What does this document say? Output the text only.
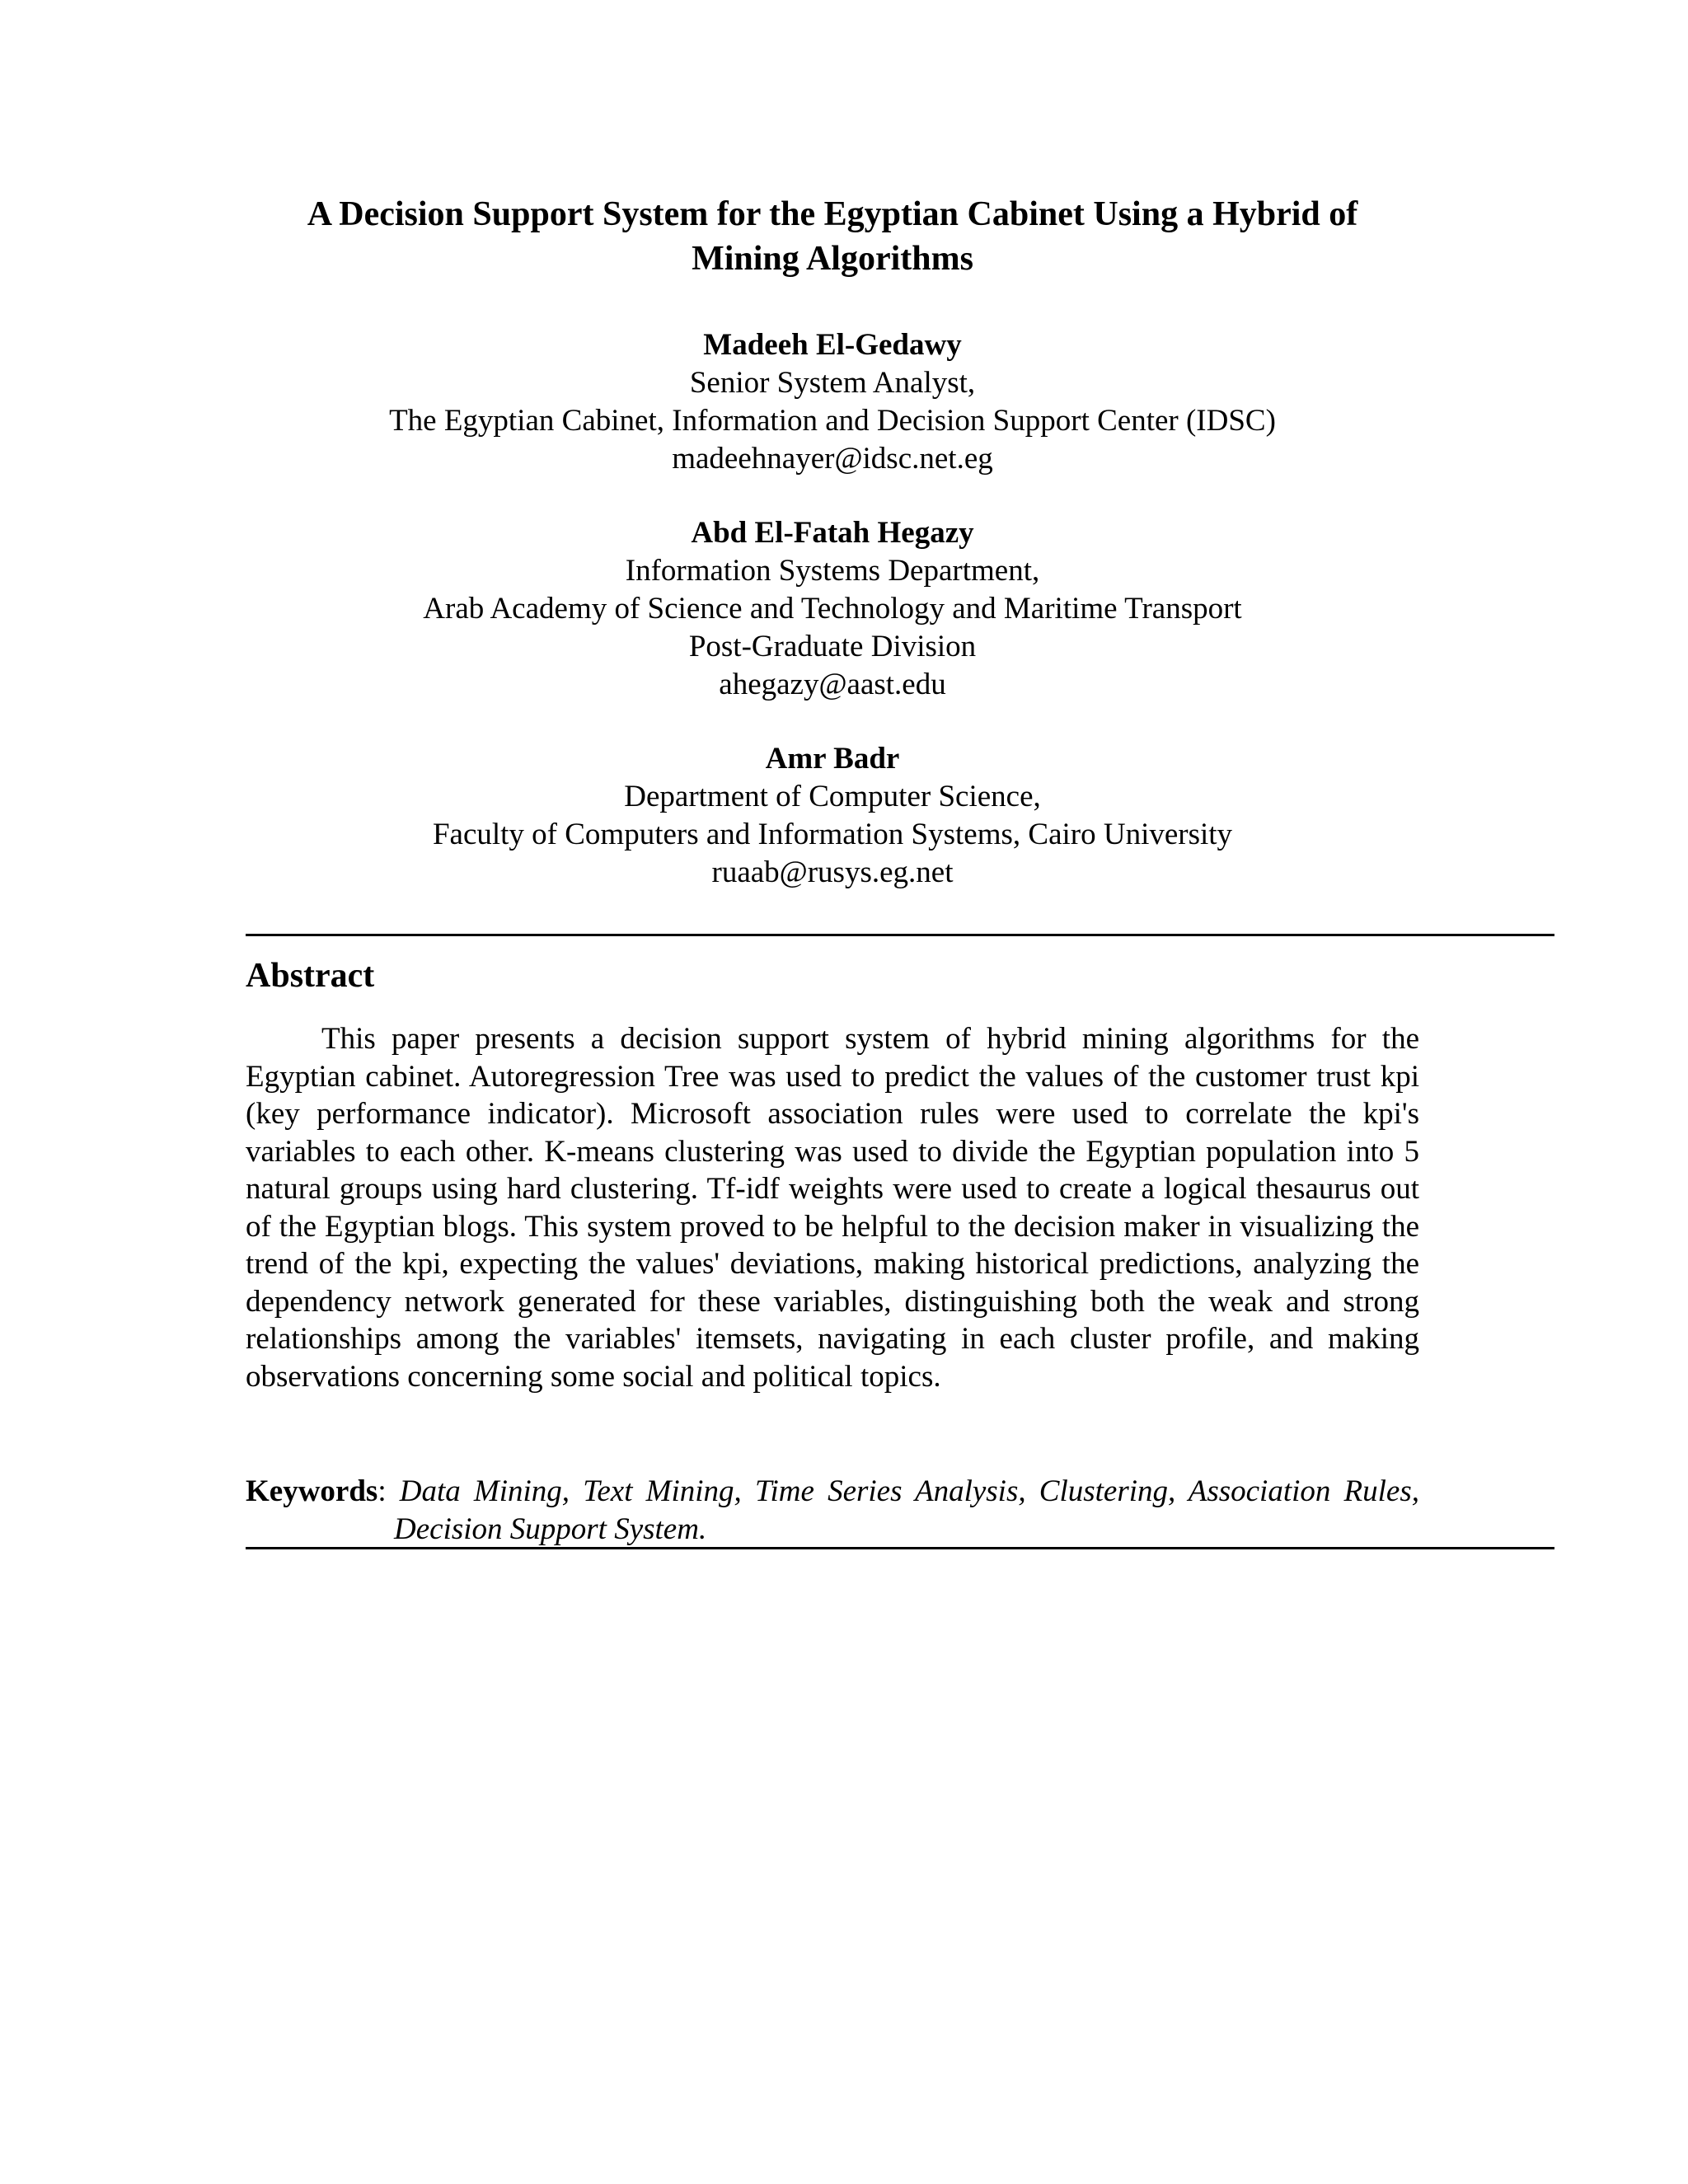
A Decision Support System for the Egyptian Cabinet Using a Hybrid of
Mining Algorithms
Madeeh El-Gedawy
Senior System Analyst,
The Egyptian Cabinet, Information and Decision Support Center (IDSC)
madeehnayer@idsc.net.eg
Abd El-Fatah Hegazy
Information Systems Department,
Arab Academy of Science and Technology and Maritime Transport
Post-Graduate Division
ahegazy@aast.edu
Amr Badr
Department of Computer Science,
Faculty of Computers and Information Systems, Cairo University
ruaab@rusys.eg.net
Abstract

This paper presents a decision support system of hybrid mining algorithms for the Egyptian cabinet. Autoregression Tree was used to predict the values of the customer trust kpi (key performance indicator). Microsoft association rules were used to correlate the kpi's variables to each other. K-means clustering was used to divide the Egyptian population into 5 natural groups using hard clustering. Tf-idf weights were used to create a logical thesaurus out of the Egyptian blogs. This system proved to be helpful to the decision maker in visualizing the trend of the kpi, expecting the values' deviations, making historical predictions, analyzing the dependency network generated for these variables, distinguishing both the weak and strong relationships among the variables' itemsets, navigating in each cluster profile, and making observations concerning some social and political topics.

Keywords: Data Mining, Text Mining, Time Series Analysis, Clustering, Association Rules, Decision Support System.
